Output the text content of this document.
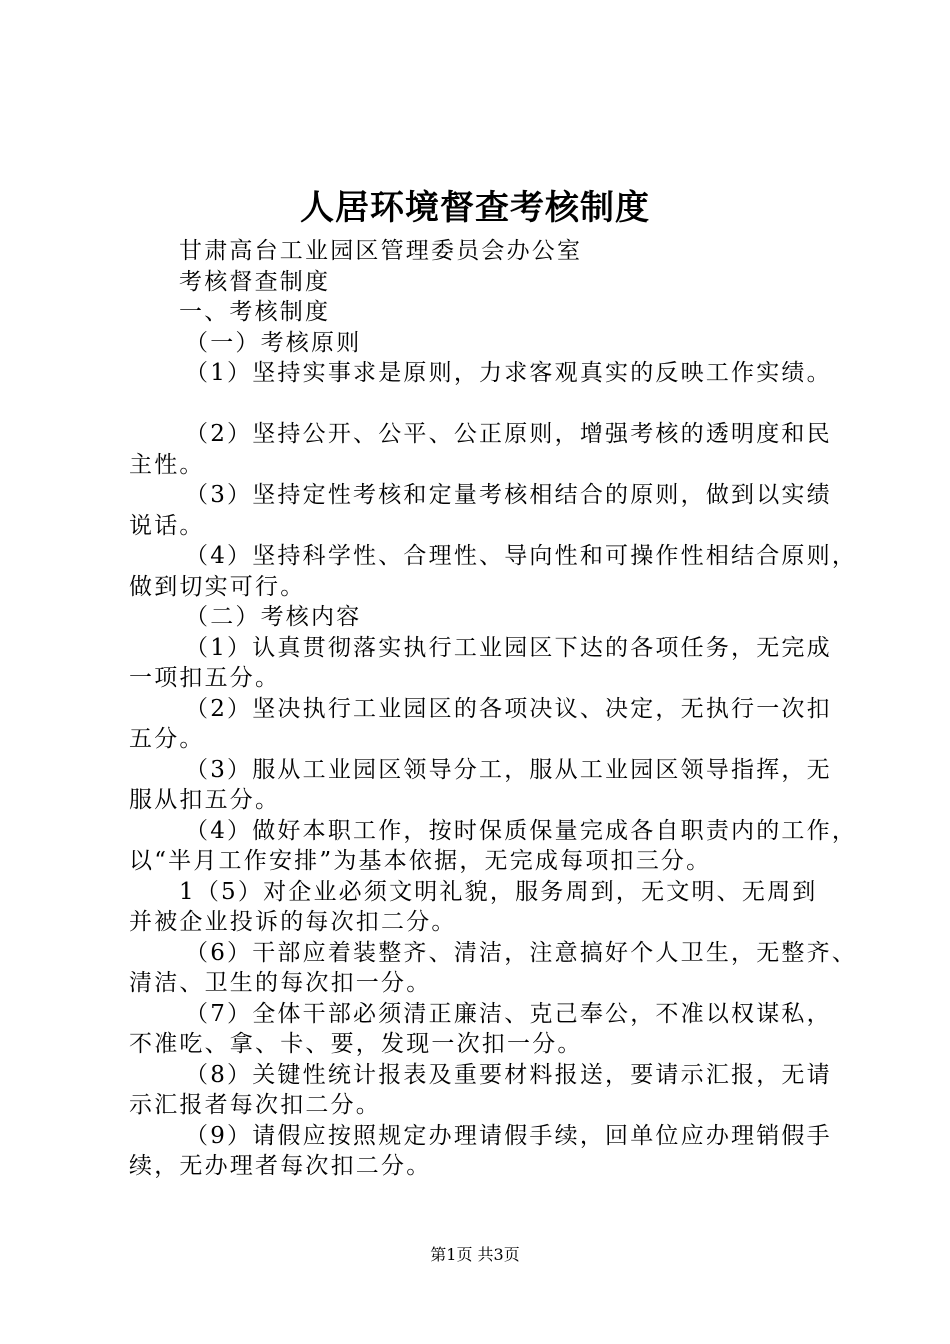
人居环境督查考核制度
甘肃高台工业园区管理委员会办公室
考核督查制度
一、考核制度
（一）考核原则
（1）坚持实事求是原则，力求客观真实的反映工作实绩。
（2）坚持公开、公平、公正原则，增强考核的透明度和民
主性。
（3）坚持定性考核和定量考核相结合的原则，做到以实绩
说话。
（4）坚持科学性、合理性、导向性和可操作性相结合原则，
做到切实可行。
（二）考核内容
（1）认真贯彻落实执行工业园区下达的各项任务，无完成
一项扣五分。
（2）坚决执行工业园区的各项决议、决定，无执行一次扣
五分。
（3）服从工业园区领导分工，服从工业园区领导指挥，无
服从扣五分。
（4）做好本职工作，按时保质保量完成各自职责内的工作，
以“半月工作安排”为基本依据，无完成每项扣三分。
1（5）对企业必须文明礼貌，服务周到，无文明、无周到
并被企业投诉的每次扣二分。
（6）干部应着装整齐、清洁，注意搞好个人卫生，无整齐、
清洁、卫生的每次扣一分。
（7）全体干部必须清正廉洁、克己奉公，不准以权谋私，
不准吃、拿、卡、要，发现一次扣一分。
（8）关键性统计报表及重要材料报送，要请示汇报，无请
示汇报者每次扣二分。
（9）请假应按照规定办理请假手续，回单位应办理销假手
续，无办理者每次扣二分。
第1页 共3页
